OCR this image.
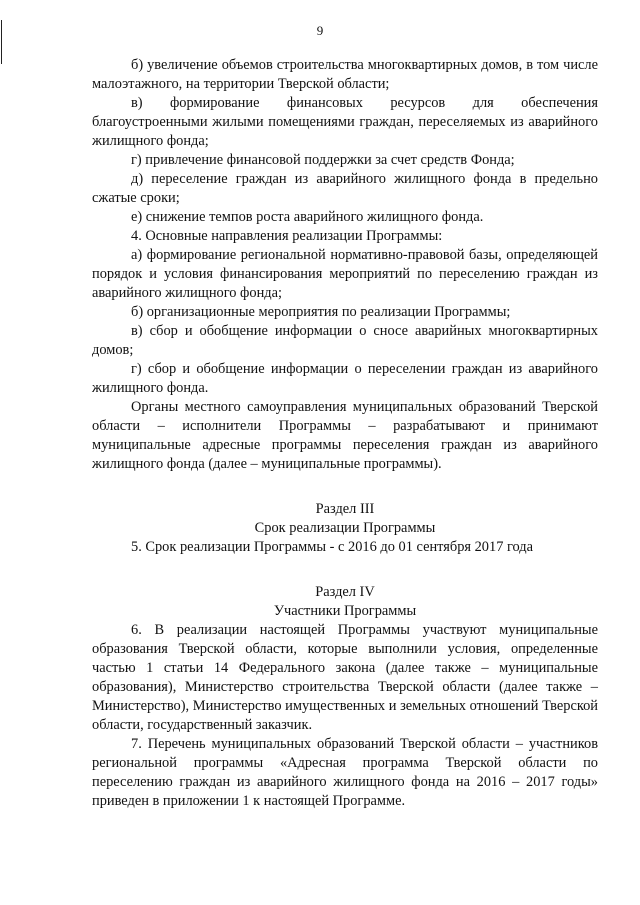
9

б) увеличение объемов строительства многоквартирных домов, в том числе малоэтажного, на территории Тверской области;

в) формирование финансовых ресурсов для обеспечения благоустроенными жилыми помещениями граждан, переселяемых из аварийного жилищного фонда;

г) привлечение финансовой поддержки за счет средств Фонда;

д) переселение граждан из аварийного жилищного фонда в предельно сжатые сроки;

е) снижение темпов роста аварийного жилищного фонда.

4. Основные направления реализации Программы:

а) формирование региональной нормативно-правовой базы, определяющей порядок и условия финансирования мероприятий по переселению граждан из аварийного жилищного фонда;

б) организационные мероприятия по реализации Программы;

в) сбор и обобщение информации о сносе аварийных многоквартирных домов;

г) сбор и обобщение информации о переселении граждан из аварийного жилищного фонда.

Органы местного самоуправления муниципальных образований Тверской области – исполнители Программы – разрабатывают и принимают муниципальные адресные программы переселения граждан из аварийного жилищного фонда (далее – муниципальные программы).

Раздел III
Срок реализации Программы

5. Срок реализации Программы - с 2016 до 01 сентября 2017 года

Раздел IV
Участники Программы

6. В реализации настоящей Программы участвуют муниципальные образования Тверской области, которые выполнили условия, определенные частью 1 статьи 14 Федерального закона (далее также – муниципальные образования), Министерство строительства Тверской области (далее также – Министерство), Министерство имущественных и земельных отношений Тверской области, государственный заказчик.

7. Перечень муниципальных образований Тверской области – участников региональной программы «Адресная программа Тверской области по переселению граждан из аварийного жилищного фонда на 2016 – 2017 годы» приведен в приложении 1 к настоящей Программе.
